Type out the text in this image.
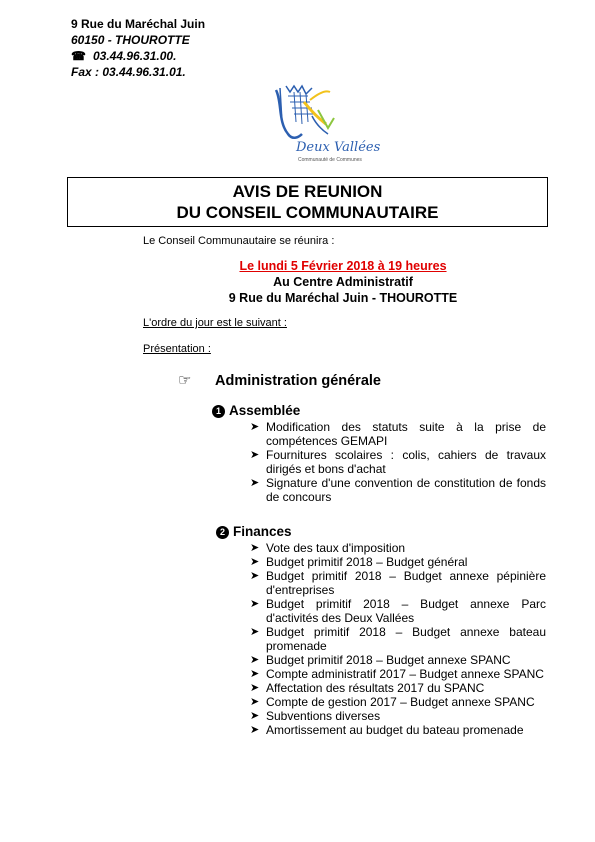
9 Rue du Maréchal Juin
60150 - THOUROTTE
☎ 03.44.96.31.00.
Fax : 03.44.96.31.01.
Deux Vallées
Communauté de Communes
AVIS DE REUNION
DU CONSEIL COMMUNAUTAIRE
Le Conseil Communautaire se réunira :
Le lundi 5 Février 2018 à 19 heures
Au Centre Administratif
9 Rue du Maréchal Juin - THOUROTTE
L'ordre du jour est le suivant :
Présentation :
☞ Administration générale
1 Assemblée
➤ Modification des statuts suite à la prise de compétences GEMAPI
➤ Fournitures scolaires : colis, cahiers de travaux dirigés et bons d'achat
➤ Signature d'une convention de constitution de fonds de concours
2 Finances
➤ Vote des taux d'imposition
➤ Budget primitif 2018 – Budget général
➤ Budget primitif 2018 – Budget annexe pépinière d'entreprises
➤ Budget primitif 2018 – Budget annexe Parc d'activités des Deux Vallées
➤ Budget primitif 2018 – Budget annexe bateau promenade
➤ Budget primitif 2018 – Budget annexe SPANC
➤ Compte administratif 2017 – Budget annexe SPANC
➤ Affectation des résultats 2017 du SPANC
➤ Compte de gestion 2017 – Budget annexe SPANC
➤ Subventions diverses
➤ Amortissement au budget du bateau promenade
